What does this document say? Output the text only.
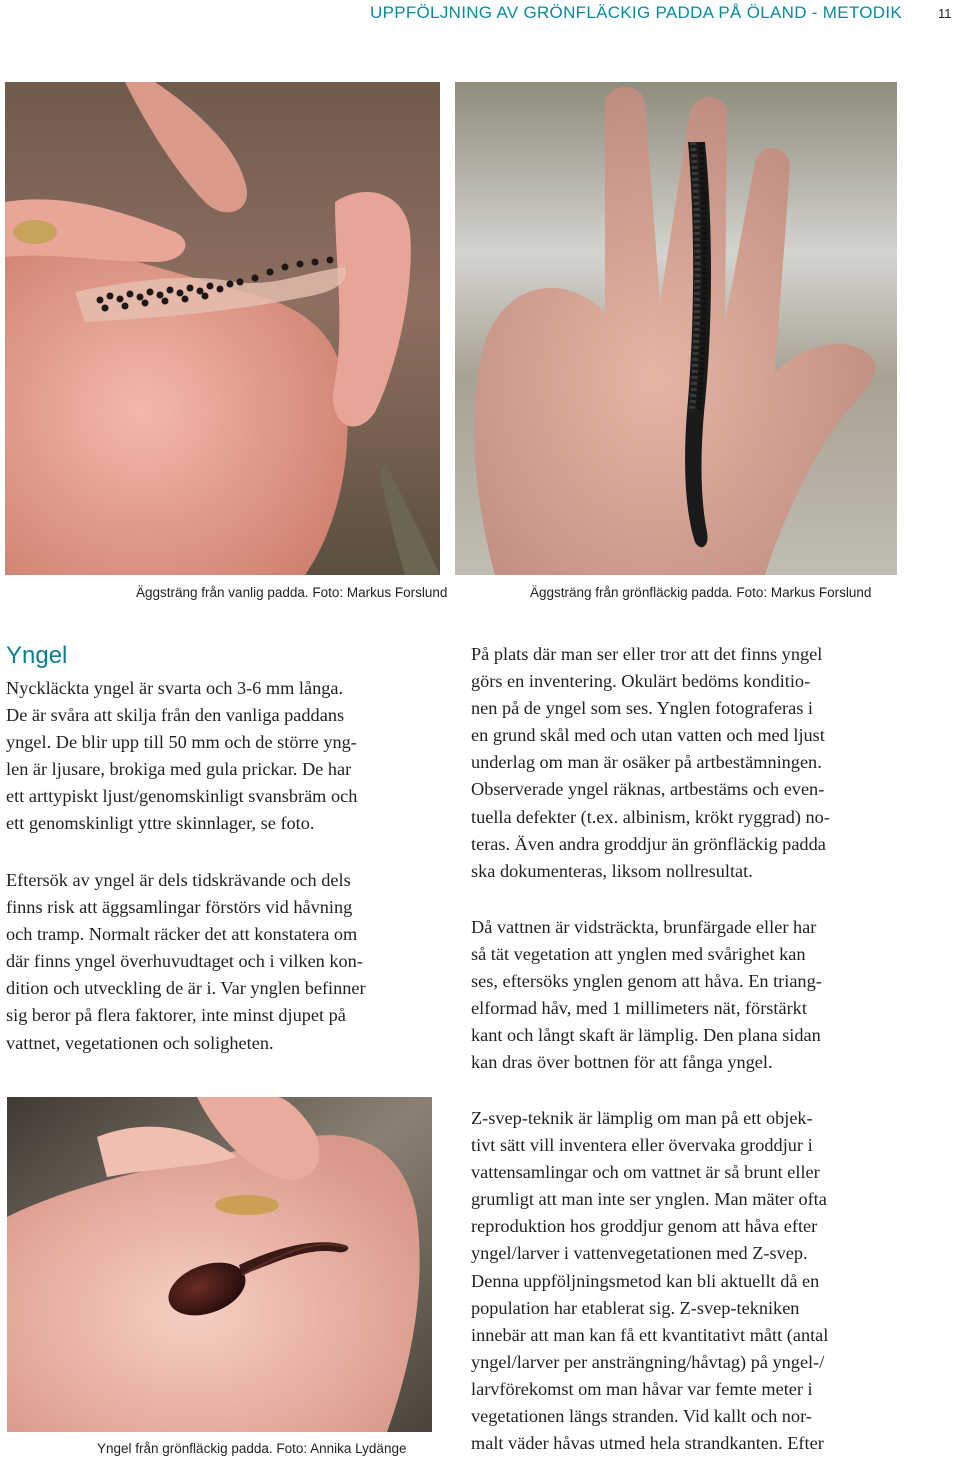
UPPFÖLJNING AV GRÖNFLÄCKIG PADDA PÅ ÖLAND - METODIK	11
Äggsträng från vanlig padda. Foto: Markus Forslund	Äggsträng från grönfläckig padda. Foto: Markus Forslund
Yngel
Nyckläckta yngel är svarta och 3-6 mm långa.
De är svåra att skilja från den vanliga paddans
yngel. De blir upp till 50 mm och de större yng-
len är ljusare, brokiga med gula prickar. De har
ett arttypiskt ljust/genomskinligt svansbräm och
ett genomskinligt yttre skinnlager, se foto.
Eftersök av yngel är dels tidskrävande och dels
finns risk att äggsamlingar förstörs vid håvning
och tramp. Normalt räcker det att konstatera om
där finns yngel överhuvudtaget och i vilken kon-
dition och utveckling de är i. Var ynglen befinner
sig beror på flera faktorer, inte minst djupet på
vattnet, vegetationen och soligheten.
Yngel från grönfläckig padda. Foto: Annika Lydänge
På plats där man ser eller tror att det finns yngel
görs en inventering. Okulärt bedöms konditio-
nen på de yngel som ses. Ynglen fotograferas i
en grund skål med och utan vatten och med ljust
underlag om man är osäker på artbestämningen.
Observerade yngel räknas, artbestäms och even-
tuella defekter (t.ex. albinism, krökt ryggrad) no-
teras. Även andra groddjur än grönfläckig padda
ska dokumenteras, liksom nollresultat.
Då vattnen är vidsträckta, brunfärgade eller har
så tät vegetation att ynglen med svårighet kan
ses, eftersöks ynglen genom att håva. En triang-
elformad håv, med 1 millimeters nät, förstärkt
kant och långt skaft är lämplig. Den plana sidan
kan dras över bottnen för att fånga yngel.
Z-svep-teknik är lämplig om man på ett objek-
tivt sätt vill inventera eller övervaka groddjur i
vattensamlingar och om vattnet är så brunt eller
grumligt att man inte ser ynglen. Man mäter ofta
reproduktion hos groddjur genom att håva efter
yngel/larver i vattenvegetationen med Z-svep.
Denna uppföljningsmetod kan bli aktuellt då en
population har etablerat sig. Z-svep-tekniken
innebär att man kan få ett kvantitativt mått (antal
yngel/larver per ansträngning/håvtag) på yngel-/
larvförekomst om man håvar var femte meter i
vegetationen längs stranden. Vid kallt och nor-
malt väder håvas utmed hela strandkanten. Efter
